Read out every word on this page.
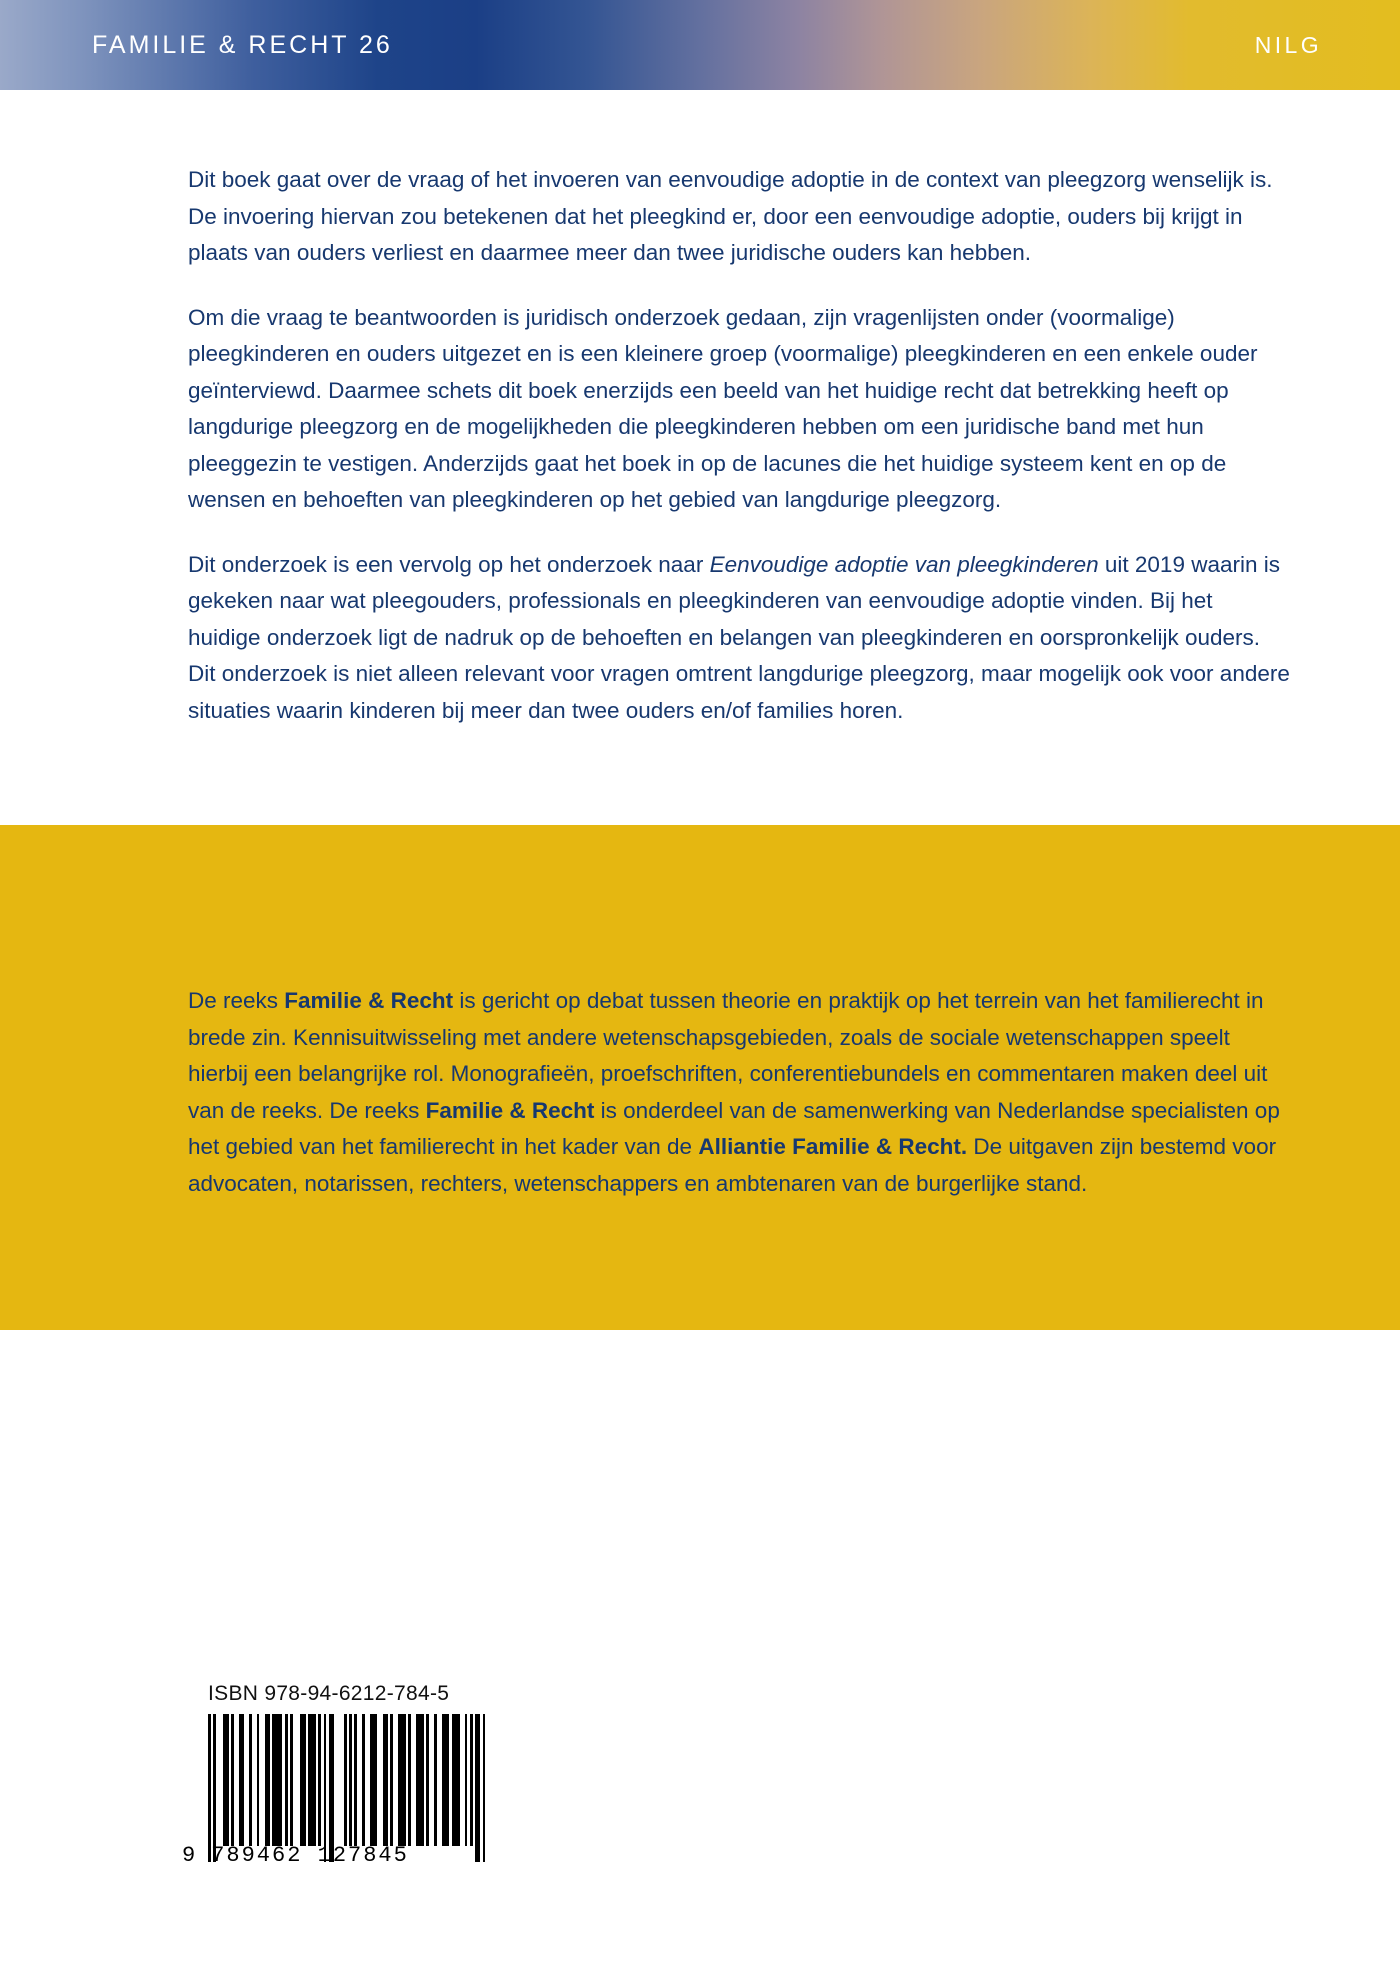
FAMILIE & RECHT 26	NILG

Dit boek gaat over de vraag of het invoeren van eenvoudige adoptie in de context van pleegzorg wenselijk is. De invoering hiervan zou betekenen dat het pleegkind er, door een eenvoudige adoptie, ouders bij krijgt in plaats van ouders verliest en daarmee meer dan twee juridische ouders kan hebben.

Om die vraag te beantwoorden is juridisch onderzoek gedaan, zijn vragenlijsten onder (voormalige) pleegkinderen en ouders uitgezet en is een kleinere groep (voormalige) pleegkinderen en een enkele ouder geïnterviewd. Daarmee schets dit boek enerzijds een beeld van het huidige recht dat betrekking heeft op langdurige pleegzorg en de mogelijkheden die pleegkinderen hebben om een juridische band met hun pleeggezin te vestigen. Anderzijds gaat het boek in op de lacunes die het huidige systeem kent en op de wensen en behoeften van pleegkinderen op het gebied van langdurige pleegzorg.

Dit onderzoek is een vervolg op het onderzoek naar Eenvoudige adoptie van pleegkinderen uit 2019 waarin is gekeken naar wat pleegouders, professionals en pleegkinderen van eenvoudige adoptie vinden. Bij het huidige onderzoek ligt de nadruk op de behoeften en belangen van pleegkinderen en oorspronkelijk ouders. Dit onderzoek is niet alleen relevant voor vragen omtrent langdurige pleegzorg, maar mogelijk ook voor andere situaties waarin kinderen bij meer dan twee ouders en/of families horen.

De reeks Familie & Recht is gericht op debat tussen theorie en praktijk op het terrein van het familierecht in brede zin. Kennisuitwisseling met andere wetenschapsgebieden, zoals de sociale wetenschappen speelt hierbij een belangrijke rol. Monografieën, proefschriften, conferentiebundels en commentaren maken deel uit van de reeks. De reeks Familie & Recht is onderdeel van de samenwerking van Nederlandse specialisten op het gebied van het familierecht in het kader van de Alliantie Familie & Recht. De uitgaven zijn bestemd voor advocaten, notarissen, rechters, wetenschappers en ambtenaren van de burgerlijke stand.

ISBN 978-94-6212-784-5
9 789462 127845
